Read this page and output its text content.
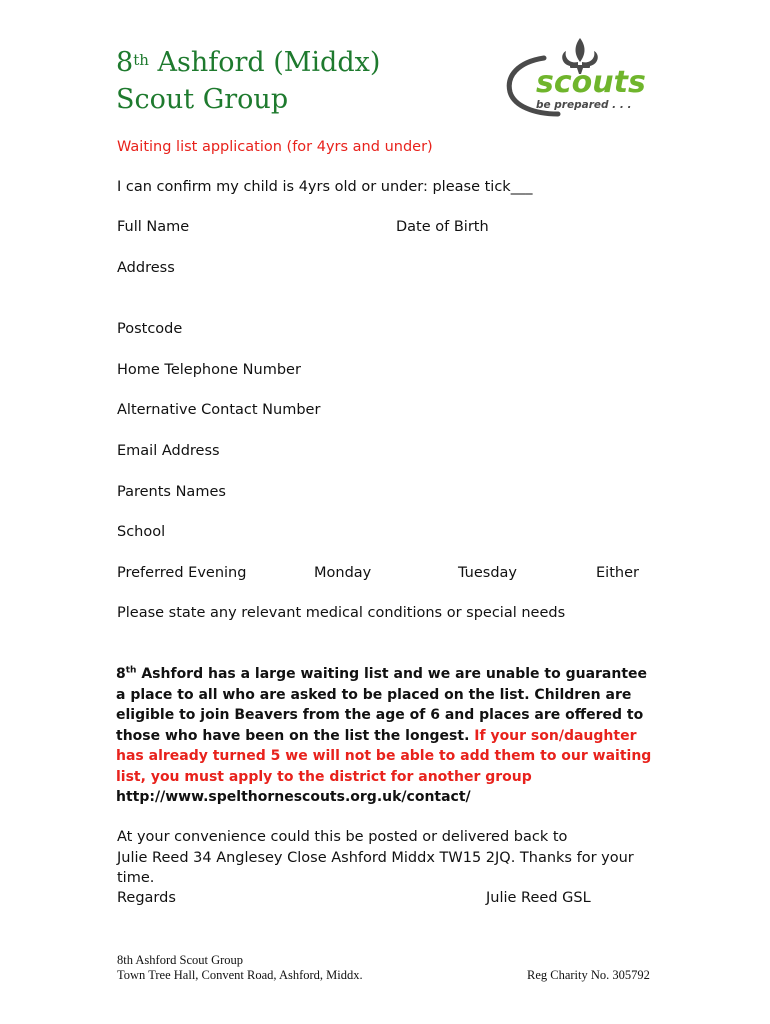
8th Ashford (Middx)
Scout Group	scouts
be prepared . . .
Waiting list application (for 4yrs and under)
I can confirm my child is 4yrs old or under: please tick___
Full Name	Date of Birth
Address
Postcode
Home Telephone Number
Alternative Contact Number
Email Address
Parents Names
School
Preferred Evening	Monday	Tuesday	Either
Please state any relevant medical conditions or special needs
8th Ashford has a large waiting list and we are unable to guarantee a place to all who are asked to be placed on the list. Children are eligible to join Beavers from the age of 6 and places are offered to those who have been on the list the longest. If your son/daughter has already turned 5 we will not be able to add them to our waiting list, you must apply to the district for another group
http://www.spelthornescouts.org.uk/contact/
At your convenience could this be posted or delivered back to
Julie Reed 34 Anglesey Close Ashford Middx TW15 2JQ. Thanks for your
time.
Regards	Julie Reed GSL
8th Ashford Scout Group
Town Tree Hall, Convent Road, Ashford, Middx.	Reg Charity No. 305792
